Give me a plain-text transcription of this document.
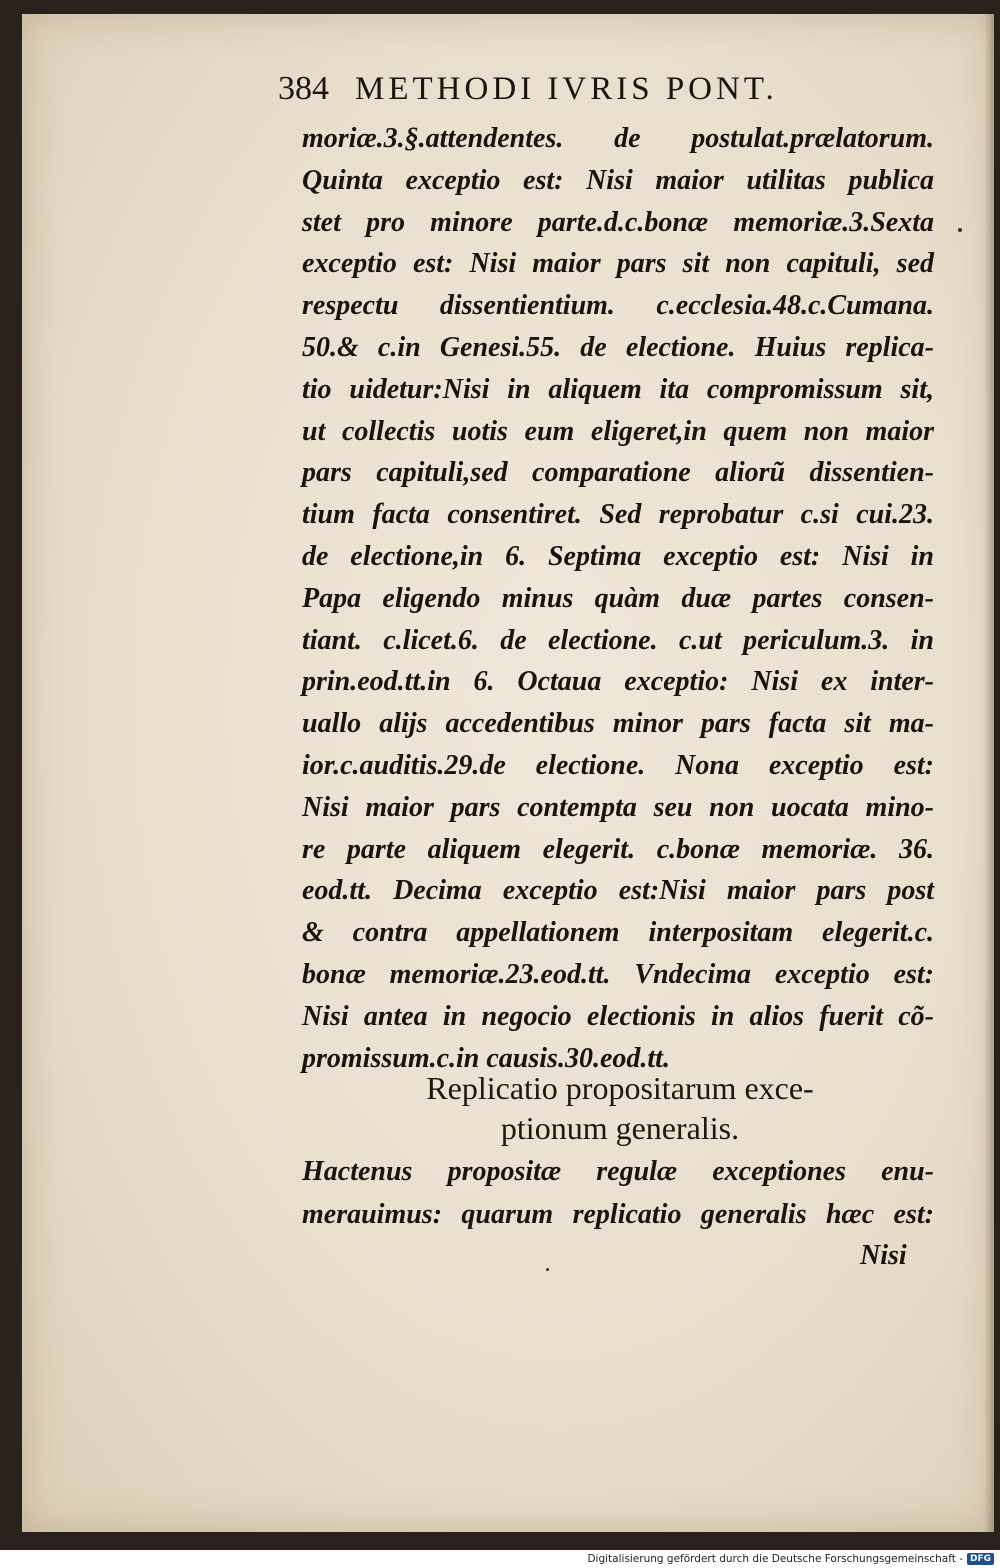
384 METHODI IVRIS PONT.
moriæ.3.§.attendentes. de postulat.prælatorum.
Quinta exceptio est: Nisi maior utilitas publica
stet pro minore parte.d.c.bonæ memoriæ.3.Sexta
exceptio est: Nisi maior pars sit non capituli, sed
respectu dissentientium. c.ecclesia.48.c.Cumana.
50.& c.in Genesi.55. de electione. Huius replica-
tio uidetur:Nisi in aliquem ita compromissum sit,
ut collectis uotis eum eligeret,in quem non maior
pars capituli,sed comparatione aliorũ dissentien-
tium facta consentiret. Sed reprobatur c.si cui.23.
de electione,in 6. Septima exceptio est: Nisi in
Papa eligendo minus quàm duæ partes consen-
tiant. c.licet.6. de electione. c.ut periculum.3. in
prin.eod.tt.in 6. Octaua exceptio: Nisi ex inter-
uallo alijs accedentibus minor pars facta sit ma-
ior.c.auditis.29.de electione. Nona exceptio est:
Nisi maior pars contempta seu non uocata mino-
re parte aliquem elegerit. c.bonæ memoriæ. 36.
eod.tt. Decima exceptio est:Nisi maior pars post
& contra appellationem interpositam elegerit.c.
bonæ memoriæ.23.eod.tt. Vndecima exceptio est:
Nisi antea in negocio electionis in alios fuerit cõ-
promissum.c.in causis.30.eod.tt.
Replicatio propositarum exce-
ptionum generalis.
Hactenus propositæ regulæ exceptiones enu-
merauimus: quarum replicatio generalis hæc est:
Nisi
Digitalisierung gefördert durch die Deutsche Forschungsgemeinschaft - DFG
